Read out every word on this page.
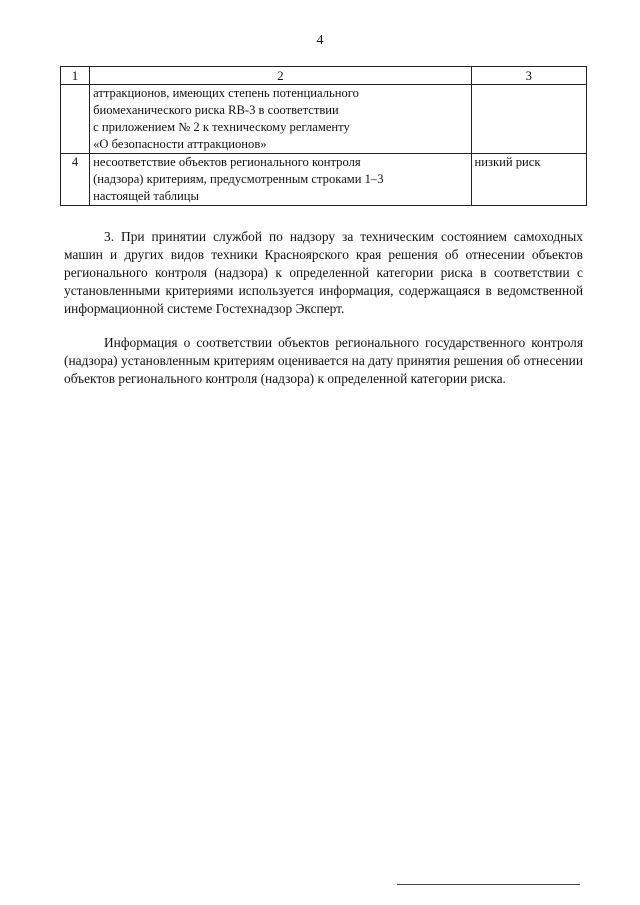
4
1	2	3

	аттракционов, имеющих степень потенциального
биомеханического риска RB-3 в соответствии
с приложением № 2 к техническому регламенту
«О безопасности аттракционов»	

4	несоответствие объектов регионального контроля
(надзора) критериям, предусмотренным строками 1–3
настоящей таблицы	низкий риск

3. При принятии службой по надзору за техническим состоянием самоходных машин и других видов техники Красноярского края решения об отнесении объектов регионального контроля (надзора) к определенной категории риска в соответствии с установленными критериями используется информация, содержащаяся в ведомственной информационной системе Гостехнадзор Эксперт.

Информация о соответствии объектов регионального государственного контроля (надзора) установленным критериям оценивается на дату принятия решения об отнесении объектов регионального контроля (надзора) к определенной категории риска.
